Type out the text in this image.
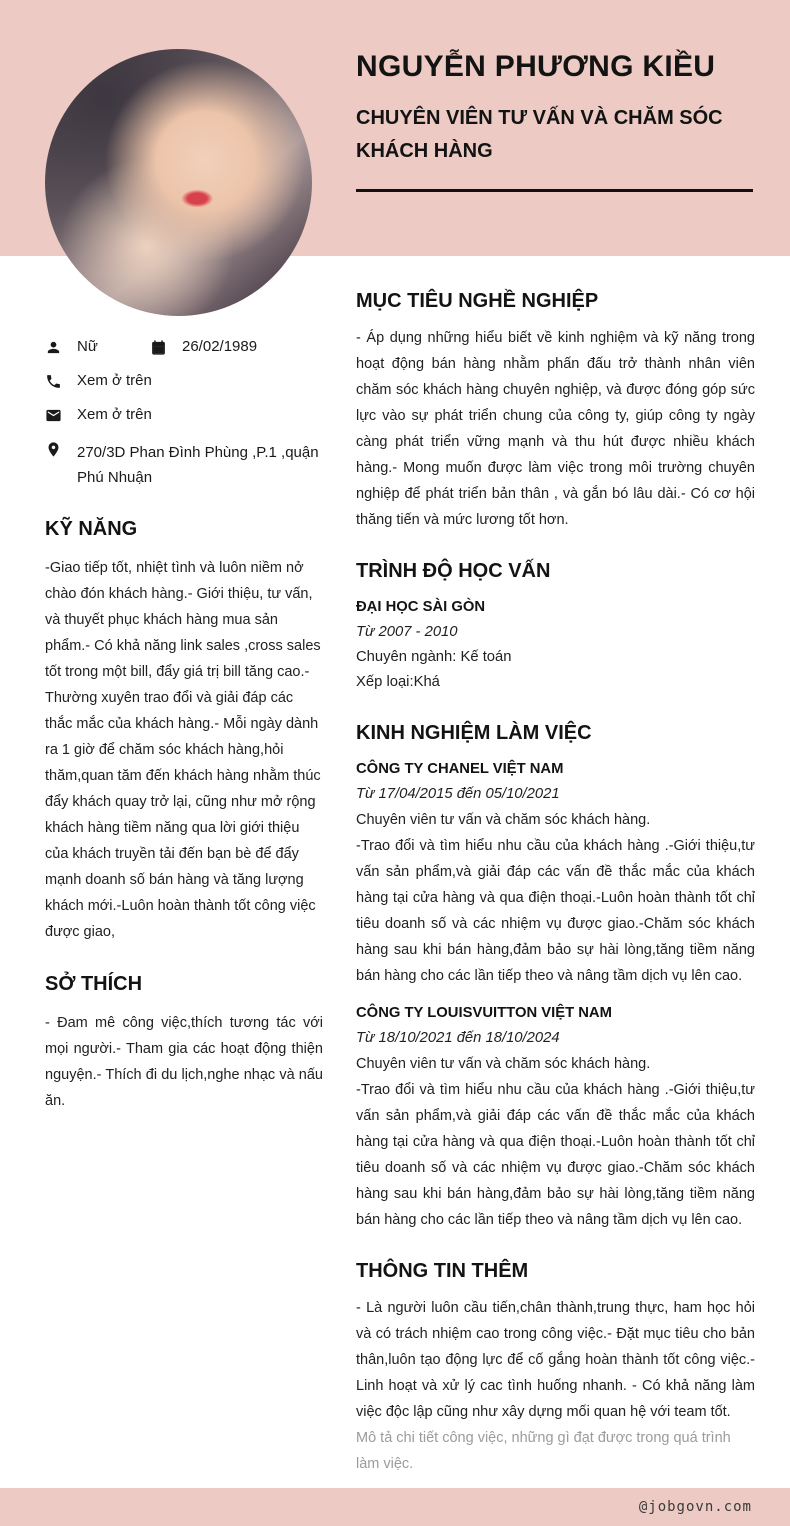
NGUYỄN PHƯƠNG KIỀU
CHUYÊN VIÊN TƯ VẤN VÀ CHĂM SÓC KHÁCH HÀNG
Nữ	26/02/1989
Xem ở trên
Xem ở trên
270/3D Phan Đình Phùng ,P.1 ,quận Phú Nhuận
KỸ NĂNG
-Giao tiếp tốt, nhiệt tình và luôn niềm nở chào đón khách hàng.- Giới thiệu, tư vấn, và thuyết phục khách hàng mua sản phẩm.- Có khả năng link sales ,cross sales tốt trong một bill, đẩy giá trị bill tăng cao.- Thường xuyên trao đổi và giải đáp các thắc mắc của khách hàng.- Mỗi ngày dành ra 1 giờ để chăm sóc khách hàng,hỏi thăm,quan tăm đến khách hàng nhằm thúc đẩy khách quay trở lại, cũng như mở rộng khách hàng tiềm năng qua lời giới thiệu của khách truyền tải đến bạn bè để đẩy mạnh doanh số bán hàng và tăng lượng khách mới.-Luôn hoàn thành tốt công việc được giao,
SỞ THÍCH
- Đam mê công việc,thích tương tác với mọi người.- Tham gia các hoạt động thiện nguyện.- Thích đi du lịch,nghe nhạc và nấu ăn.
MỤC TIÊU NGHỀ NGHIỆP
- Áp dụng những hiểu biết về kinh nghiệm và kỹ năng trong hoạt động bán hàng nhằm phấn đấu trở thành nhân viên chăm sóc khách hàng chuyên nghiệp, và được đóng góp sức lực vào sự phát triển chung của công ty, giúp công ty ngày càng phát triển vững mạnh và thu hút được nhiều khách hàng.- Mong muốn được làm việc trong môi trường chuyên nghiệp để phát triển bản thân , và gắn bó lâu dài.- Có cơ hội thăng tiến và mức lương tốt hơn.
TRÌNH ĐỘ HỌC VẤN
ĐẠI HỌC SÀI GÒN
Từ 2007 - 2010
Chuyên ngành: Kế toán
Xếp loại:Khá
KINH NGHIỆM LÀM VIỆC
CÔNG TY CHANEL VIỆT NAM
Từ 17/04/2015 đến 05/10/2021
Chuyên viên tư vấn và chăm sóc khách hàng.
-Trao đổi và tìm hiểu nhu cầu của khách hàng .-Giới thiệu,tư vấn sản phẩm,và giải đáp các vấn đề thắc mắc của khách hàng tại cửa hàng và qua điện thoại.-Luôn hoàn thành tốt chỉ tiêu doanh số và các nhiệm vụ được giao.-Chăm sóc khách hàng sau khi bán hàng,đảm bảo sự hài lòng,tăng tiềm năng bán hàng cho các lần tiếp theo và nâng tầm dịch vụ lên cao.
CÔNG TY LOUISVUITTON VIỆT NAM
Từ 18/10/2021 đến 18/10/2024
Chuyên viên tư vấn và chăm sóc khách hàng.
-Trao đổi và tìm hiểu nhu cầu của khách hàng .-Giới thiệu,tư vấn sản phẩm,và giải đáp các vấn đề thắc mắc của khách hàng tại cửa hàng và qua điện thoại.-Luôn hoàn thành tốt chỉ tiêu doanh số và các nhiệm vụ được giao.-Chăm sóc khách hàng sau khi bán hàng,đảm bảo sự hài lòng,tăng tiềm năng bán hàng cho các lần tiếp theo và nâng tầm dịch vụ lên cao.
THÔNG TIN THÊM
- Là người luôn cầu tiến,chân thành,trung thực, ham học hỏi và có trách nhiệm cao trong công việc.- Đặt mục tiêu cho bản thân,luôn tạo động lực để cố gắng hoàn thành tốt công việc.- Linh hoạt và xử lý cac tình huống nhanh. - Có khả năng làm việc độc lập cũng như xây dựng mối quan hệ với team tốt.
Mô tả chi tiết công việc, những gì đạt được trong quá trình làm việc.
@jobgovn.com
